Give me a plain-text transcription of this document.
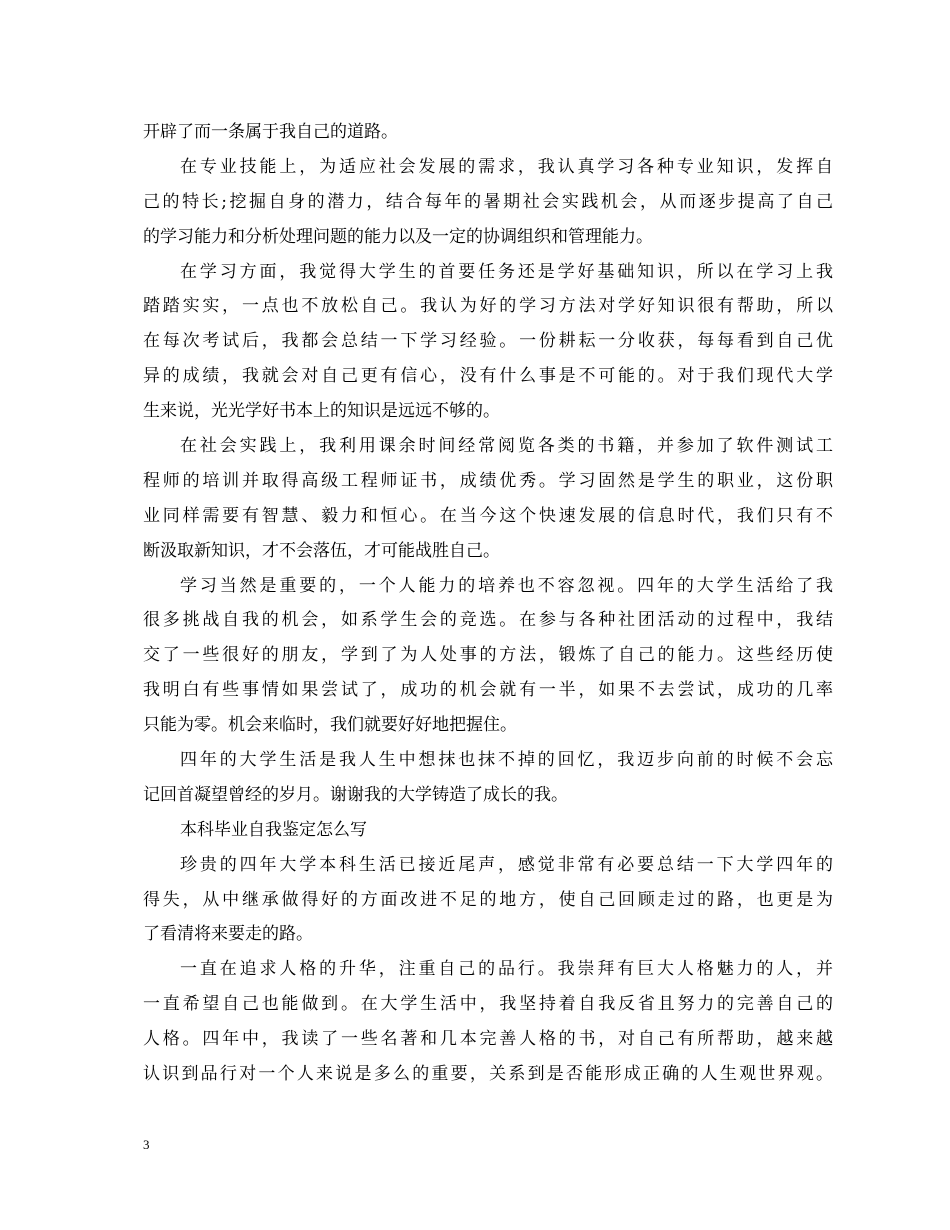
开辟了而一条属于我自己的道路。
在专业技能上，为适应社会发展的需求，我认真学习各种专业知识，发挥自
己的特长;挖掘自身的潜力，结合每年的暑期社会实践机会，从而逐步提高了自己
的学习能力和分析处理问题的能力以及一定的协调组织和管理能力。
在学习方面，我觉得大学生的首要任务还是学好基础知识，所以在学习上我
踏踏实实，一点也不放松自己。我认为好的学习方法对学好知识很有帮助，所以
在每次考试后，我都会总结一下学习经验。一份耕耘一分收获，每每看到自己优
异的成绩，我就会对自己更有信心，没有什么事是不可能的。对于我们现代大学
生来说，光光学好书本上的知识是远远不够的。
在社会实践上，我利用课余时间经常阅览各类的书籍，并参加了软件测试工
程师的培训并取得高级工程师证书，成绩优秀。学习固然是学生的职业，这份职
业同样需要有智慧、毅力和恒心。在当今这个快速发展的信息时代，我们只有不
断汲取新知识，才不会落伍，才可能战胜自己。
学习当然是重要的，一个人能力的培养也不容忽视。四年的大学生活给了我
很多挑战自我的机会，如系学生会的竞选。在参与各种社团活动的过程中，我结
交了一些很好的朋友，学到了为人处事的方法，锻炼了自己的能力。这些经历使
我明白有些事情如果尝试了，成功的机会就有一半，如果不去尝试，成功的几率
只能为零。机会来临时，我们就要好好地把握住。
四年的大学生活是我人生中想抹也抹不掉的回忆，我迈步向前的时候不会忘
记回首凝望曾经的岁月。谢谢我的大学铸造了成长的我。
本科毕业自我鉴定怎么写
珍贵的四年大学本科生活已接近尾声，感觉非常有必要总结一下大学四年的
得失，从中继承做得好的方面改进不足的地方，使自己回顾走过的路，也更是为
了看清将来要走的路。
一直在追求人格的升华，注重自己的品行。我崇拜有巨大人格魅力的人，并
一直希望自己也能做到。在大学生活中，我坚持着自我反省且努力的完善自己的
人格。四年中，我读了一些名著和几本完善人格的书，对自己有所帮助，越来越
认识到品行对一个人来说是多么的重要，关系到是否能形成正确的人生观世界观。
3
